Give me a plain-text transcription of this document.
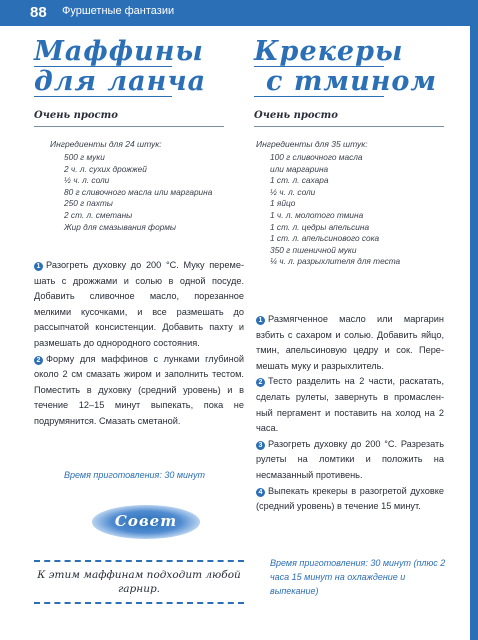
88 Фуршетные фантазии
Маффины
для ланча
Очень просто
Ингредиенты для 24 штук:
500 г муки
2 ч. л. сухих дрожжей
½ ч. л. соли
80 г сливочного масла или маргарина
250 г пахты
2 ст. л. сметаны
Жир для смазывания формы

1 Разогреть духовку до 200 °С. Муку перемешать с дрожжами и солью в одной посуде. Добавить сливочное масло, порезанное мелкими кусочками, и все размешать до рассыпчатой консистенции. Добавить пахту и размешать до однородного состояния.

2 Форму для маффинов с лунками глубиной около 2 см смазать жиром и заполнить тестом. Поместить в духовку (средний уровень) и в течение 12–15 минут выпекать, пока не подрумянится. Смазать сметаной.

Время приготовления: 30 минут
Крекеры
с тмином
Очень просто
Ингредиенты для 35 штук:
100 г сливочного масла
или маргарина
1 ст. л. сахара
½ ч. л. соли
1 яйцо
1 ч. л. молотого тмина
1 ст. л. цедры апельсина
1 ст. л. апельсинового сока
350 г пшеничной муки
¼ ч. л. разрыхлителя для теста

1 Размягченное масло или маргарин взбить с сахаром и солью. Добавить яйцо, тмин, апельсиновую цедру и сок. Перемешать муку и разрыхлитель.

2 Тесто разделить на 2 части, раскатать, сделать рулеты, завернуть в промасленный пергамент и поставить на холод на 2 часа.

3 Разогреть духовку до 200 °С. Разрезать рулеты на ломтики и положить на несмазанный противень.

4 Выпекать крекеры в разогретой духовке (средний уровень) в течение 15 минут.

Время приготовления: 30 минут (плюс 2 часа 15 минут на охлаждение и выпекание)
Совет
К этим маффинам подходит любой гарнир.
